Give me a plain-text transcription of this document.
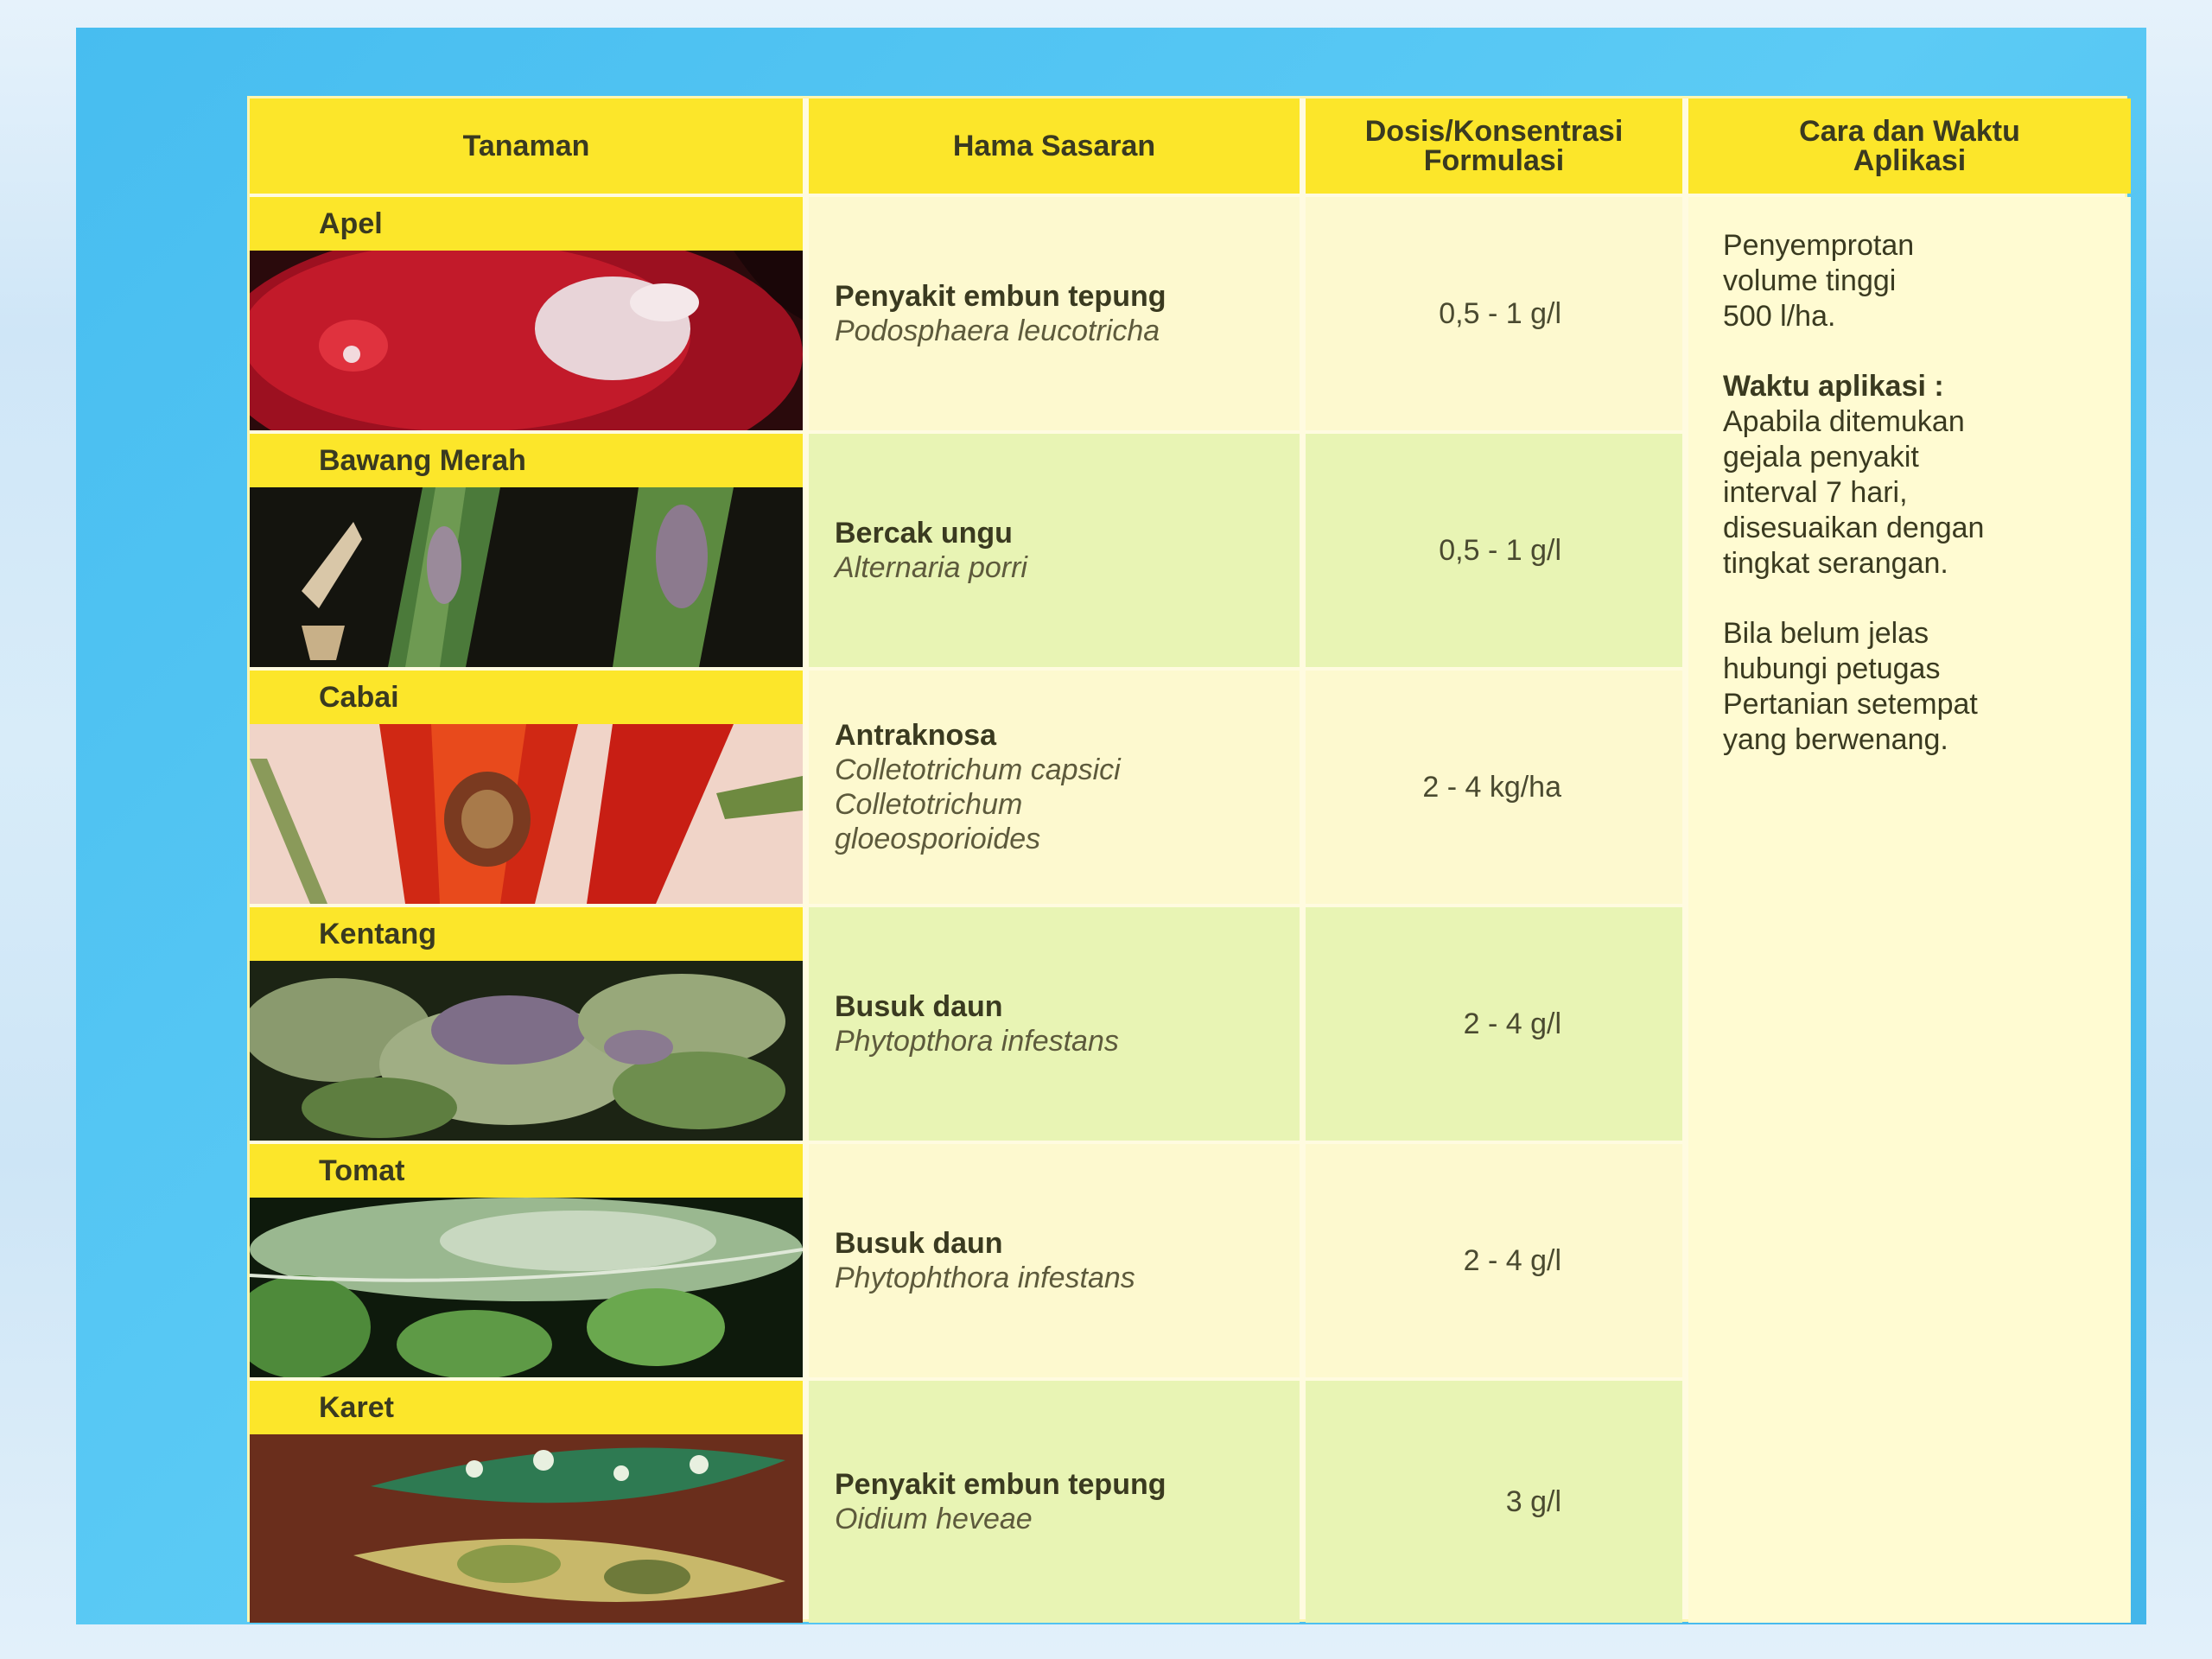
Tanaman	Hama Sasaran	Dosis/Konsentrasi
Formulasi
Cara dan Waktu
Aplikasi
Apel
Penyakit embun tepung
Podosphaera leucotricha
0,5 - 1 g/l
Bawang Merah
Bercak ungu
Alternaria porri
0,5 - 1 g/l
Cabai
Antraknosa
Colletotrichum capsici
Colletotrichum
gloeosporioides
2 - 4 kg/ha
Kentang
Busuk daun
Phytopthora infestans
2 - 4 g/l
Tomat
Busuk daun
Phytophthora infestans
2 - 4 g/l
Karet
Penyakit embun tepung
Oidium heveae
3 g/l

Penyemprotan
volume tinggi
500 l/ha.

Waktu aplikasi :

Apabila ditemukan
gejala penyakit
interval 7 hari,
disesuaikan dengan
tingkat serangan.

Bila belum jelas
hubungi petugas
Pertanian setempat
yang berwenang.
